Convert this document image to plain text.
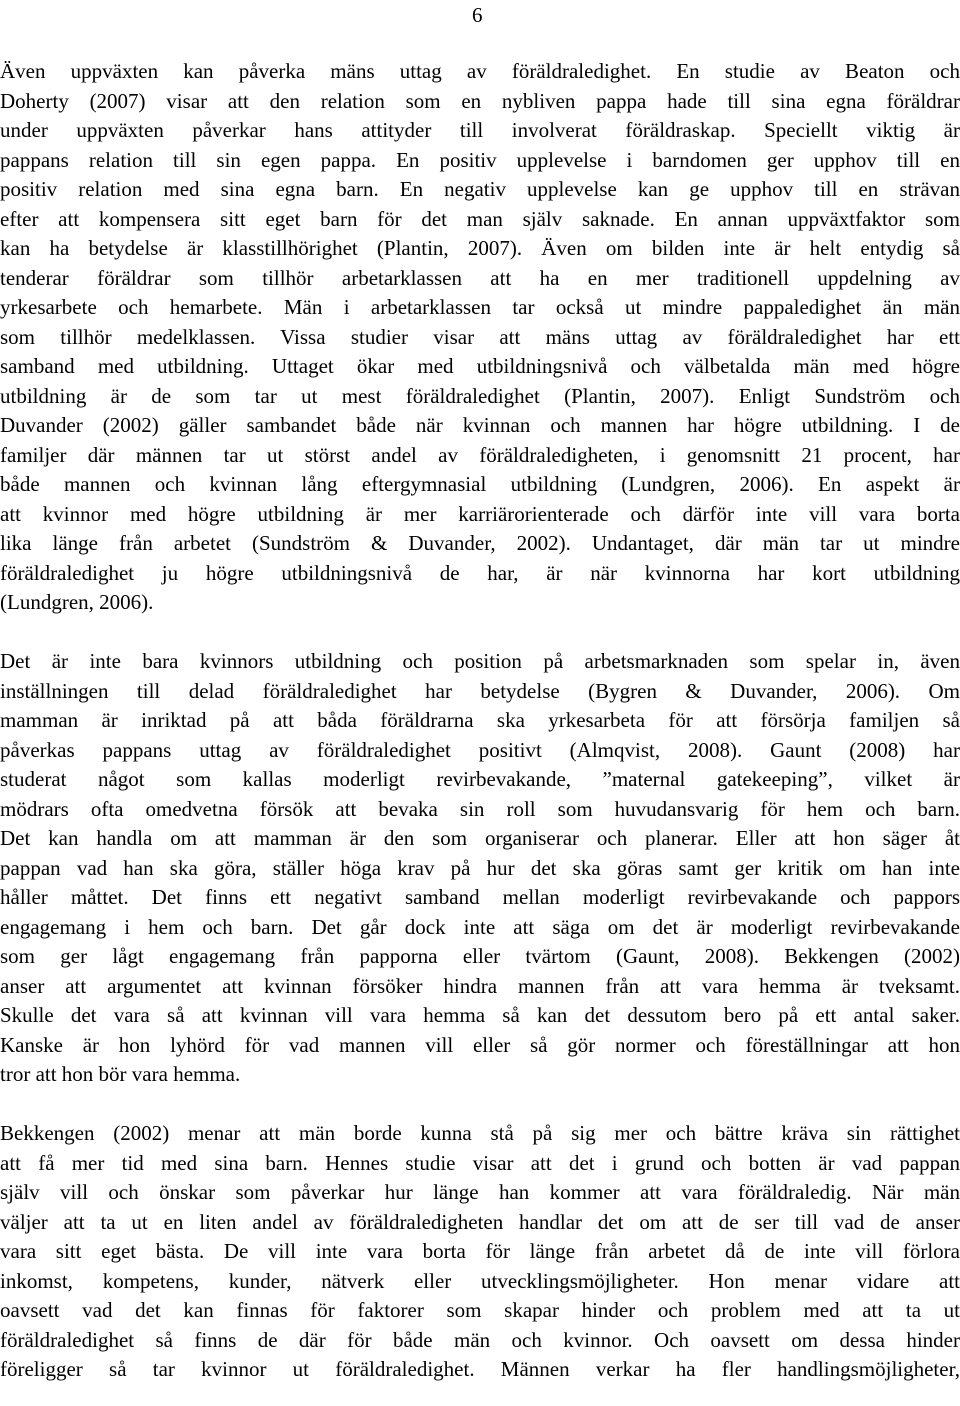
6
Även uppväxten kan påverka mäns uttag av föräldraledighet. En studie av Beaton och
Doherty (2007) visar att den relation som en nybliven pappa hade till sina egna föräldrar
under uppväxten påverkar hans attityder till involverat föräldraskap. Speciellt viktig är
pappans relation till sin egen pappa. En positiv upplevelse i barndomen ger upphov till en
positiv relation med sina egna barn. En negativ upplevelse kan ge upphov till en strävan
efter att kompensera sitt eget barn för det man själv saknade. En annan uppväxtfaktor som
kan ha betydelse är klasstillhörighet (Plantin, 2007). Även om bilden inte är helt entydig så
tenderar föräldrar som tillhör arbetarklassen att ha en mer traditionell uppdelning av
yrkesarbete och hemarbete. Män i arbetarklassen tar också ut mindre pappaledighet än män
som tillhör medelklassen. Vissa studier visar att mäns uttag av föräldraledighet har ett
samband med utbildning. Uttaget ökar med utbildningsnivå och välbetalda män med högre
utbildning är de som tar ut mest föräldraledighet (Plantin, 2007). Enligt Sundström och
Duvander (2002) gäller sambandet både när kvinnan och mannen har högre utbildning. I de
familjer där männen tar ut störst andel av föräldraledigheten, i genomsnitt 21 procent, har
både mannen och kvinnan lång eftergymnasial utbildning (Lundgren, 2006). En aspekt är
att kvinnor med högre utbildning är mer karriärorienterade och därför inte vill vara borta
lika länge från arbetet (Sundström & Duvander, 2002). Undantaget, där män tar ut mindre
föräldraledighet ju högre utbildningsnivå de har, är när kvinnorna har kort utbildning
(Lundgren, 2006).
Det är inte bara kvinnors utbildning och position på arbetsmarknaden som spelar in, även
inställningen till delad föräldraledighet har betydelse (Bygren & Duvander, 2006). Om
mamman är inriktad på att båda föräldrarna ska yrkesarbeta för att försörja familjen så
påverkas pappans uttag av föräldraledighet positivt (Almqvist, 2008). Gaunt (2008) har
studerat något som kallas moderligt revirbevakande, ”maternal gatekeeping”, vilket är
mödrars ofta omedvetna försök att bevaka sin roll som huvudansvarig för hem och barn.
Det kan handla om att mamman är den som organiserar och planerar. Eller att hon säger åt
pappan vad han ska göra, ställer höga krav på hur det ska göras samt ger kritik om han inte
håller måttet. Det finns ett negativt samband mellan moderligt revirbevakande och pappors
engagemang i hem och barn. Det går dock inte att säga om det är moderligt revirbevakande
som ger lågt engagemang från papporna eller tvärtom (Gaunt, 2008). Bekkengen (2002)
anser att argumentet att kvinnan försöker hindra mannen från att vara hemma är tveksamt.
Skulle det vara så att kvinnan vill vara hemma så kan det dessutom bero på ett antal saker.
Kanske är hon lyhörd för vad mannen vill eller så gör normer och föreställningar att hon
tror att hon bör vara hemma.
Bekkengen (2002) menar att män borde kunna stå på sig mer och bättre kräva sin rättighet
att få mer tid med sina barn. Hennes studie visar att det i grund och botten är vad pappan
själv vill och önskar som påverkar hur länge han kommer att vara föräldraledig. När män
väljer att ta ut en liten andel av föräldraledigheten handlar det om att de ser till vad de anser
vara sitt eget bästa. De vill inte vara borta för länge från arbetet då de inte vill förlora
inkomst, kompetens, kunder, nätverk eller utvecklingsmöjligheter. Hon menar vidare att
oavsett vad det kan finnas för faktorer som skapar hinder och problem med att ta ut
föräldraledighet så finns de där för både män och kvinnor. Och oavsett om dessa hinder
föreligger så tar kvinnor ut föräldraledighet. Männen verkar ha fler handlingsmöjligheter,
